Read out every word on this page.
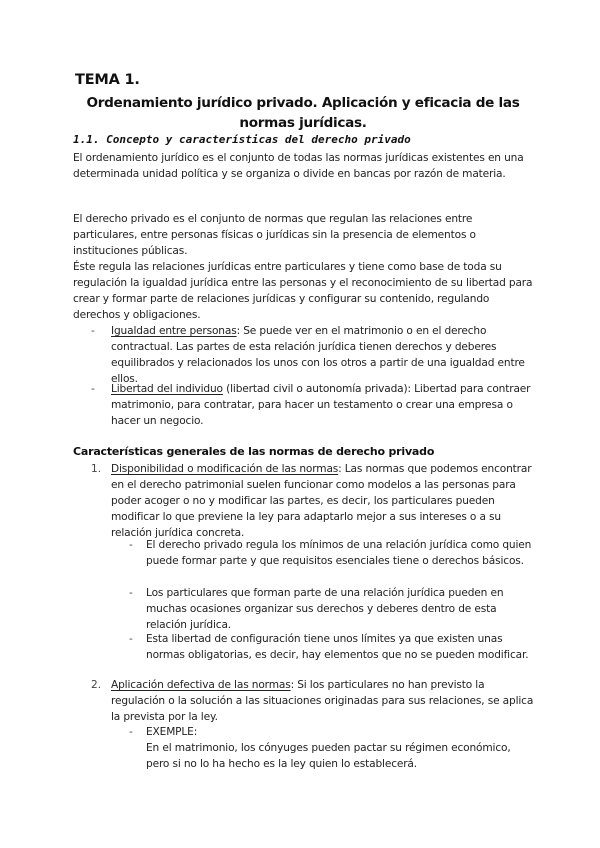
TEMA 1.
Ordenamiento jurídico privado. Aplicación y eficacia de las normas jurídicas.
1.1. Concepto y características del derecho privado

El ordenamiento jurídico es el conjunto de todas las normas jurídicas existentes en una determinada unidad política y se organiza o divide en bancas por razón de materia.

El derecho privado es el conjunto de normas que regulan las relaciones entre particulares, entre personas físicas o jurídicas sin la presencia de elementos o instituciones públicas.

Éste regula las relaciones jurídicas entre particulares y tiene como base de toda su regulación la igualdad jurídica entre las personas y el reconocimiento de su libertad para crear y formar parte de relaciones jurídicas y configurar su contenido, regulando derechos y obligaciones.

- Igualdad entre personas: Se puede ver en el matrimonio o en el derecho contractual. Las partes de esta relación jurídica tienen derechos y deberes equilibrados y relacionados los unos con los otros a partir de una igualdad entre ellos.

- Libertad del individuo (libertad civil o autonomía privada): Libertad para contraer matrimonio, para contratar, para hacer un testamento o crear una empresa o hacer un negocio.

Características generales de las normas de derecho privado
1. Disponibilidad o modificación de las normas: Las normas que podemos encontrar en el derecho patrimonial suelen funcionar como modelos a las personas para poder acoger o no y modificar las partes, es decir, los particulares pueden modificar lo que previene la ley para adaptarlo mejor a sus intereses o a su relación jurídica concreta.

- El derecho privado regula los mínimos de una relación jurídica como quien puede formar parte y que requisitos esenciales tiene o derechos básicos.

- Los particulares que forman parte de una relación jurídica pueden en muchas ocasiones organizar sus derechos y deberes dentro de esta relación jurídica.

- Esta libertad de configuración tiene unos límites ya que existen unas normas obligatorias, es decir, hay elementos que no se pueden modificar.

2. Aplicación defectiva de las normas: Si los particulares no han previsto la regulación o la solución a las situaciones originadas para sus relaciones, se aplica la prevista por la ley.

- EXEMPLE:
En el matrimonio, los cónyuges pueden pactar su régimen económico, pero si no lo ha hecho es la ley quien lo establecerá.
